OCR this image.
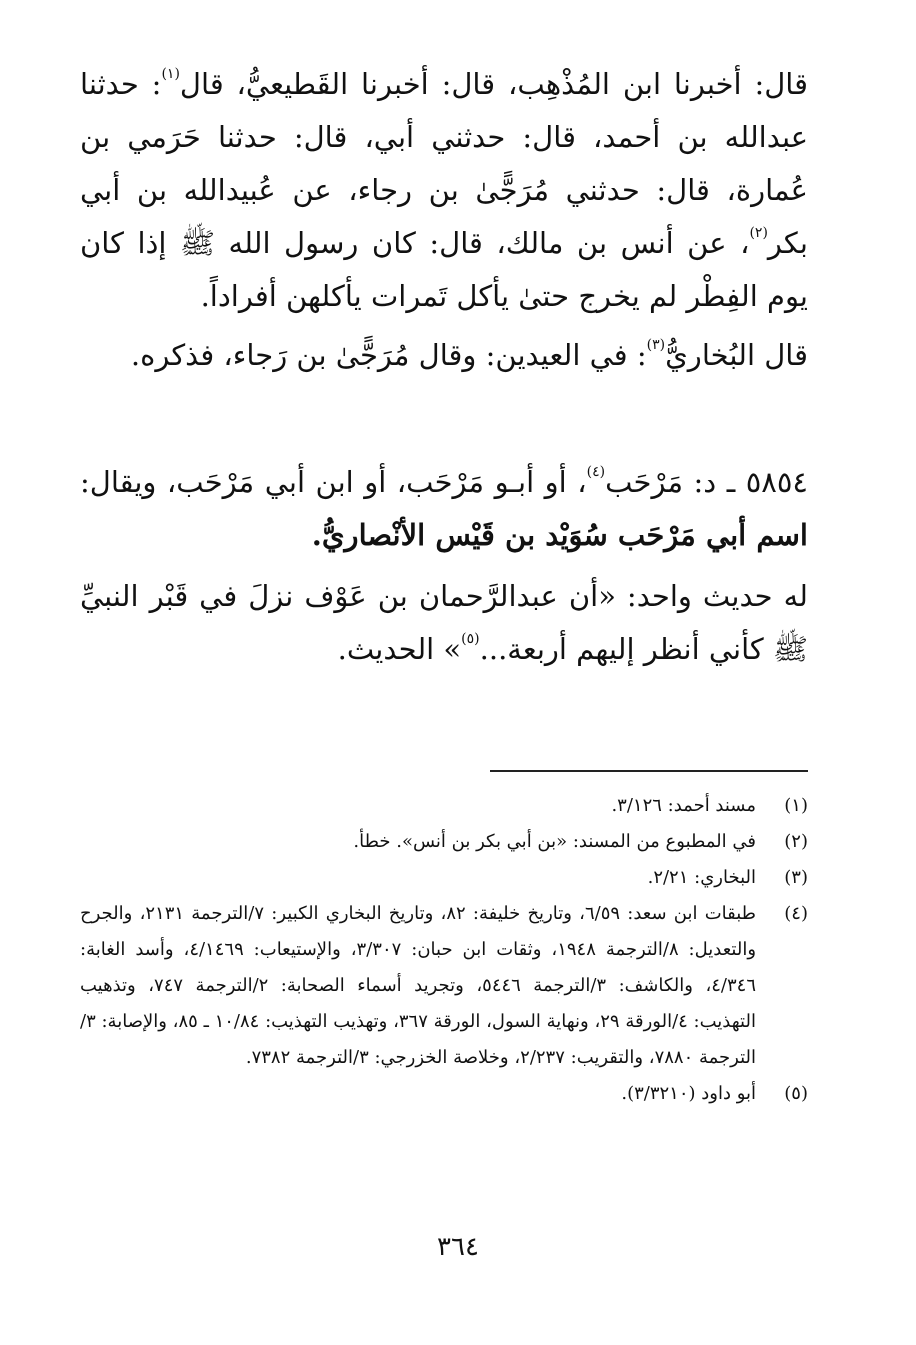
قال: أخبرنا ابن المُذْهِب، قال: أخبرنا القَطيعيُّ، قال$^{(١)}$: حدثنا عبدالله بن أحمد، قال: حدثني أبي، قال: حدثنا حَرَمي بن عُمارة، قال: حدثني مُرَجًّىٰ بن رجاء، عن عُبيدالله بن أبي بكر$^{(٢)}$، عن أنس بن مالك، قال: كان رسول الله ﷺ إذا كان يوم الفِطْر لم يخرج حتىٰ يأكل تَمرات يأكلهن أفراداً.

قال البُخاريُّ$^{(٣)}$: في العيدين: وقال مُرَجًّىٰ بن رَجاء، فذكره.

٥٨٥٤ ـ د: مَرْحَب$^{(٤)}$، أو أبـو مَرْحَب، أو ابن أبي مَرْحَب، ويقال: اسم أبي مَرْحَب سُوَيْد بن قَيْس الأنْصاريُّ.

له حديث واحد: «أن عبدالرَّحمان بن عَوْف نزلَ في قَبْر النبيِّ ﷺ كأني أنظر إليهم أربعة...$^{(٥)}$» الحديث.

(١)
مسند أحمد: ٣/١٢٦.
(٢)
في المطبوع من المسند: «بن أبي بكر بن أنس». خطأ.
(٣)
البخاري: ٢/٢١.
(٤)
طبقات ابن سعد: ٦/٥٩، وتاريخ خليفة: ٨٢، وتاريخ البخاري الكبير: ٧/الترجمة ٢١٣١، والجرح والتعديل: ٨/الترجمة ١٩٤٨، وثقات ابن حبان: ٣/٣٠٧، والإستيعاب: ٤/١٤٦٩، وأسد الغابة: ٤/٣٤٦، والكاشف: ٣/الترجمة ٥٤٤٦، وتجريد أسماء الصحابة: ٢/الترجمة ٧٤٧، وتذهيب التهذيب: ٤/الورقة ٢٩، ونهاية السول، الورقة ٣٦٧، وتهذيب التهذيب: ١٠/٨٤ ـ ٨٥، والإصابة: ٣/الترجمة ٧٨٨٠، والتقريب: ٢/٢٣٧، وخلاصة الخزرجي: ٣/الترجمة ٧٣٨٢.
(٥)
أبو داود (٣/٣٢١٠).
٣٦٤
